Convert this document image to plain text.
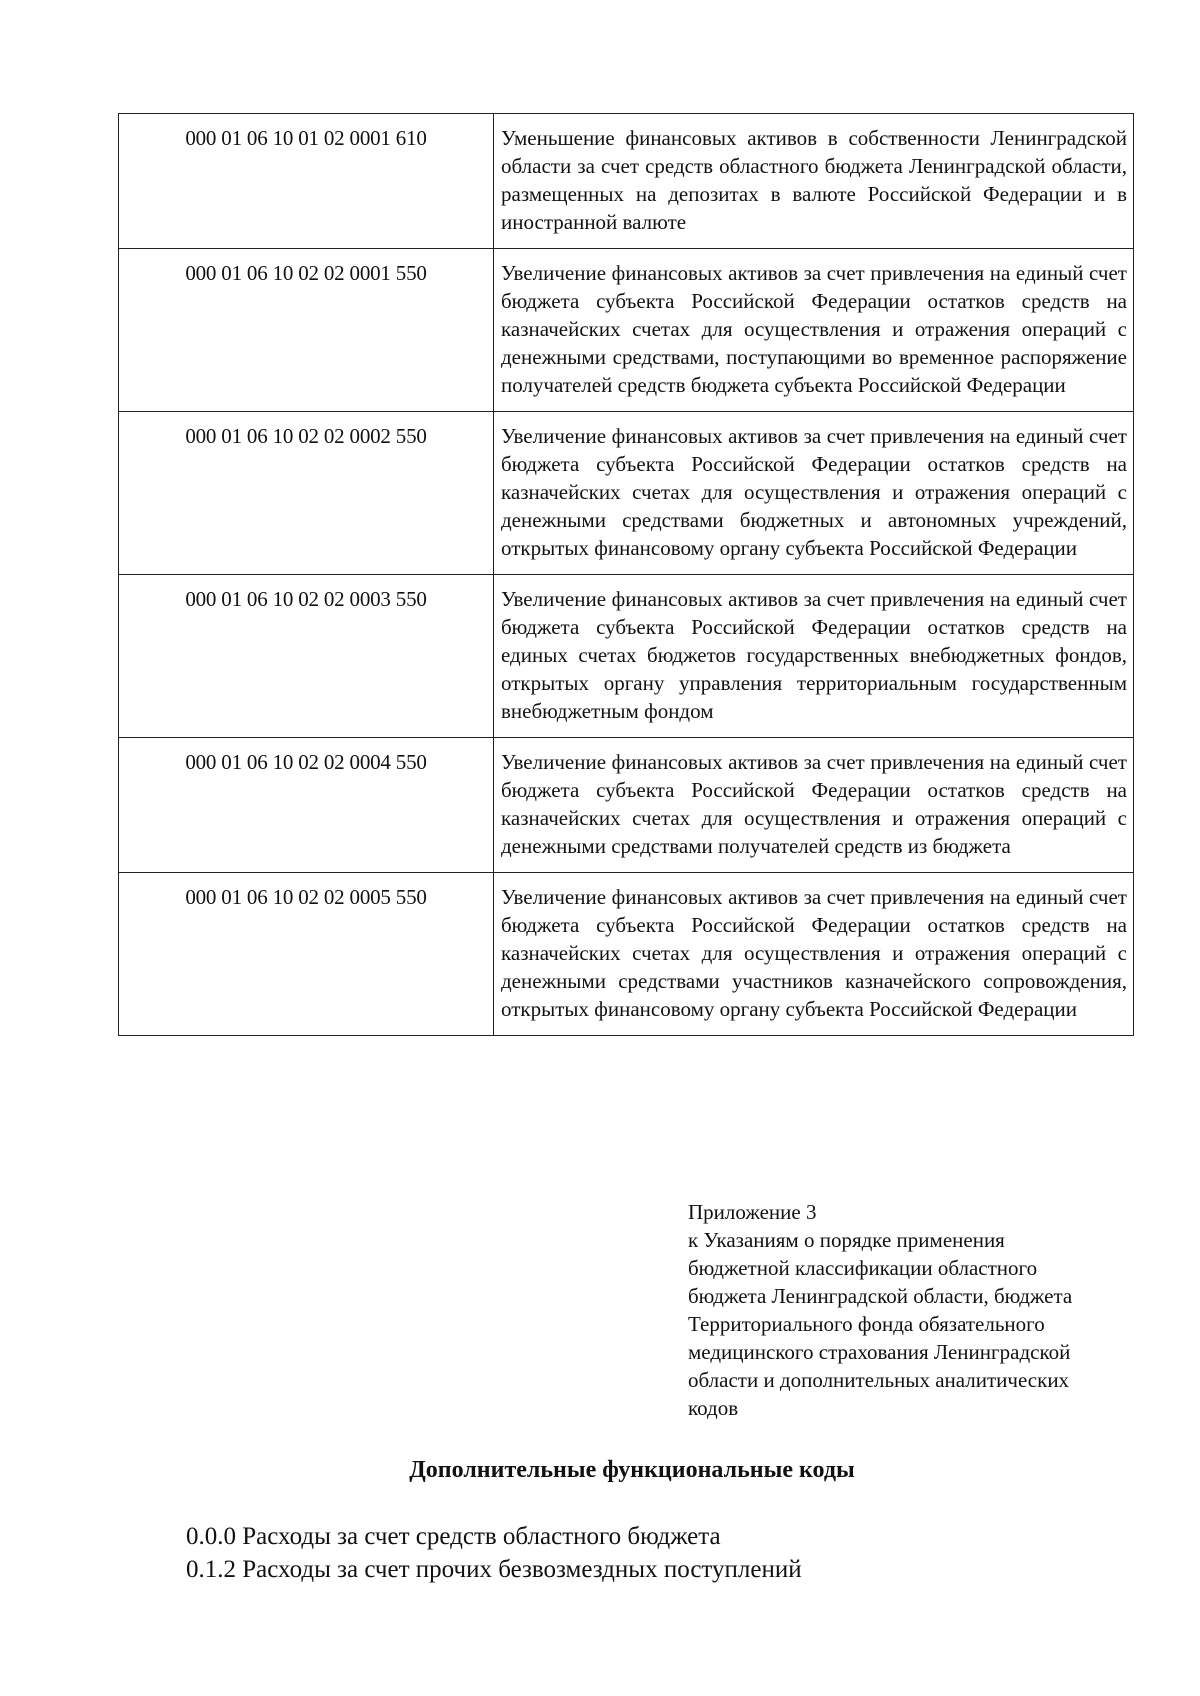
000 01 06 10 01 02 0001 610	Уменьшение финансовых активов в собственности Ленинградской области за счет средств областного бюджета Ленинградской области, размещенных на депозитах в валюте Российской Федерации и в иностранной валюте
000 01 06 10 02 02 0001 550	Увеличение финансовых активов за счет привлечения на единый счет бюджета субъекта Российской Федерации остатков средств на казначейских счетах для осуществления и отражения операций с денежными средствами, поступающими во временное распоряжение получателей средств бюджета субъекта Российской Федерации
000 01 06 10 02 02 0002 550	Увеличение финансовых активов за счет привлечения на единый счет бюджета субъекта Российской Федерации остатков средств на казначейских счетах для осуществления и отражения операций с денежными средствами бюджетных и автономных учреждений, открытых финансовому органу субъекта Российской Федерации
000 01 06 10 02 02 0003 550	Увеличение финансовых активов за счет привлечения на единый счет бюджета субъекта Российской Федерации остатков средств на единых счетах бюджетов государственных внебюджетных фондов, открытых органу управления территориальным государственным внебюджетным фондом
000 01 06 10 02 02 0004 550	Увеличение финансовых активов за счет привлечения на единый счет бюджета субъекта Российской Федерации остатков средств на казначейских счетах для осуществления и отражения операций с денежными средствами получателей средств из бюджета
000 01 06 10 02 02 0005 550	Увеличение финансовых активов за счет привлечения на единый счет бюджета субъекта Российской Федерации остатков средств на казначейских счетах для осуществления и отражения операций с денежными средствами участников казначейского сопровождения, открытых финансовому органу субъекта Российской Федерации
Приложение 3
к Указаниям о порядке применения
бюджетной классификации областного
бюджета Ленинградской области, бюджета
Территориального фонда обязательного
медицинского страхования Ленинградской
области и дополнительных аналитических
кодов
Дополнительные функциональные коды
0.0.0 Расходы за счет средств областного бюджета
0.1.2 Расходы за счет прочих безвозмездных поступлений
